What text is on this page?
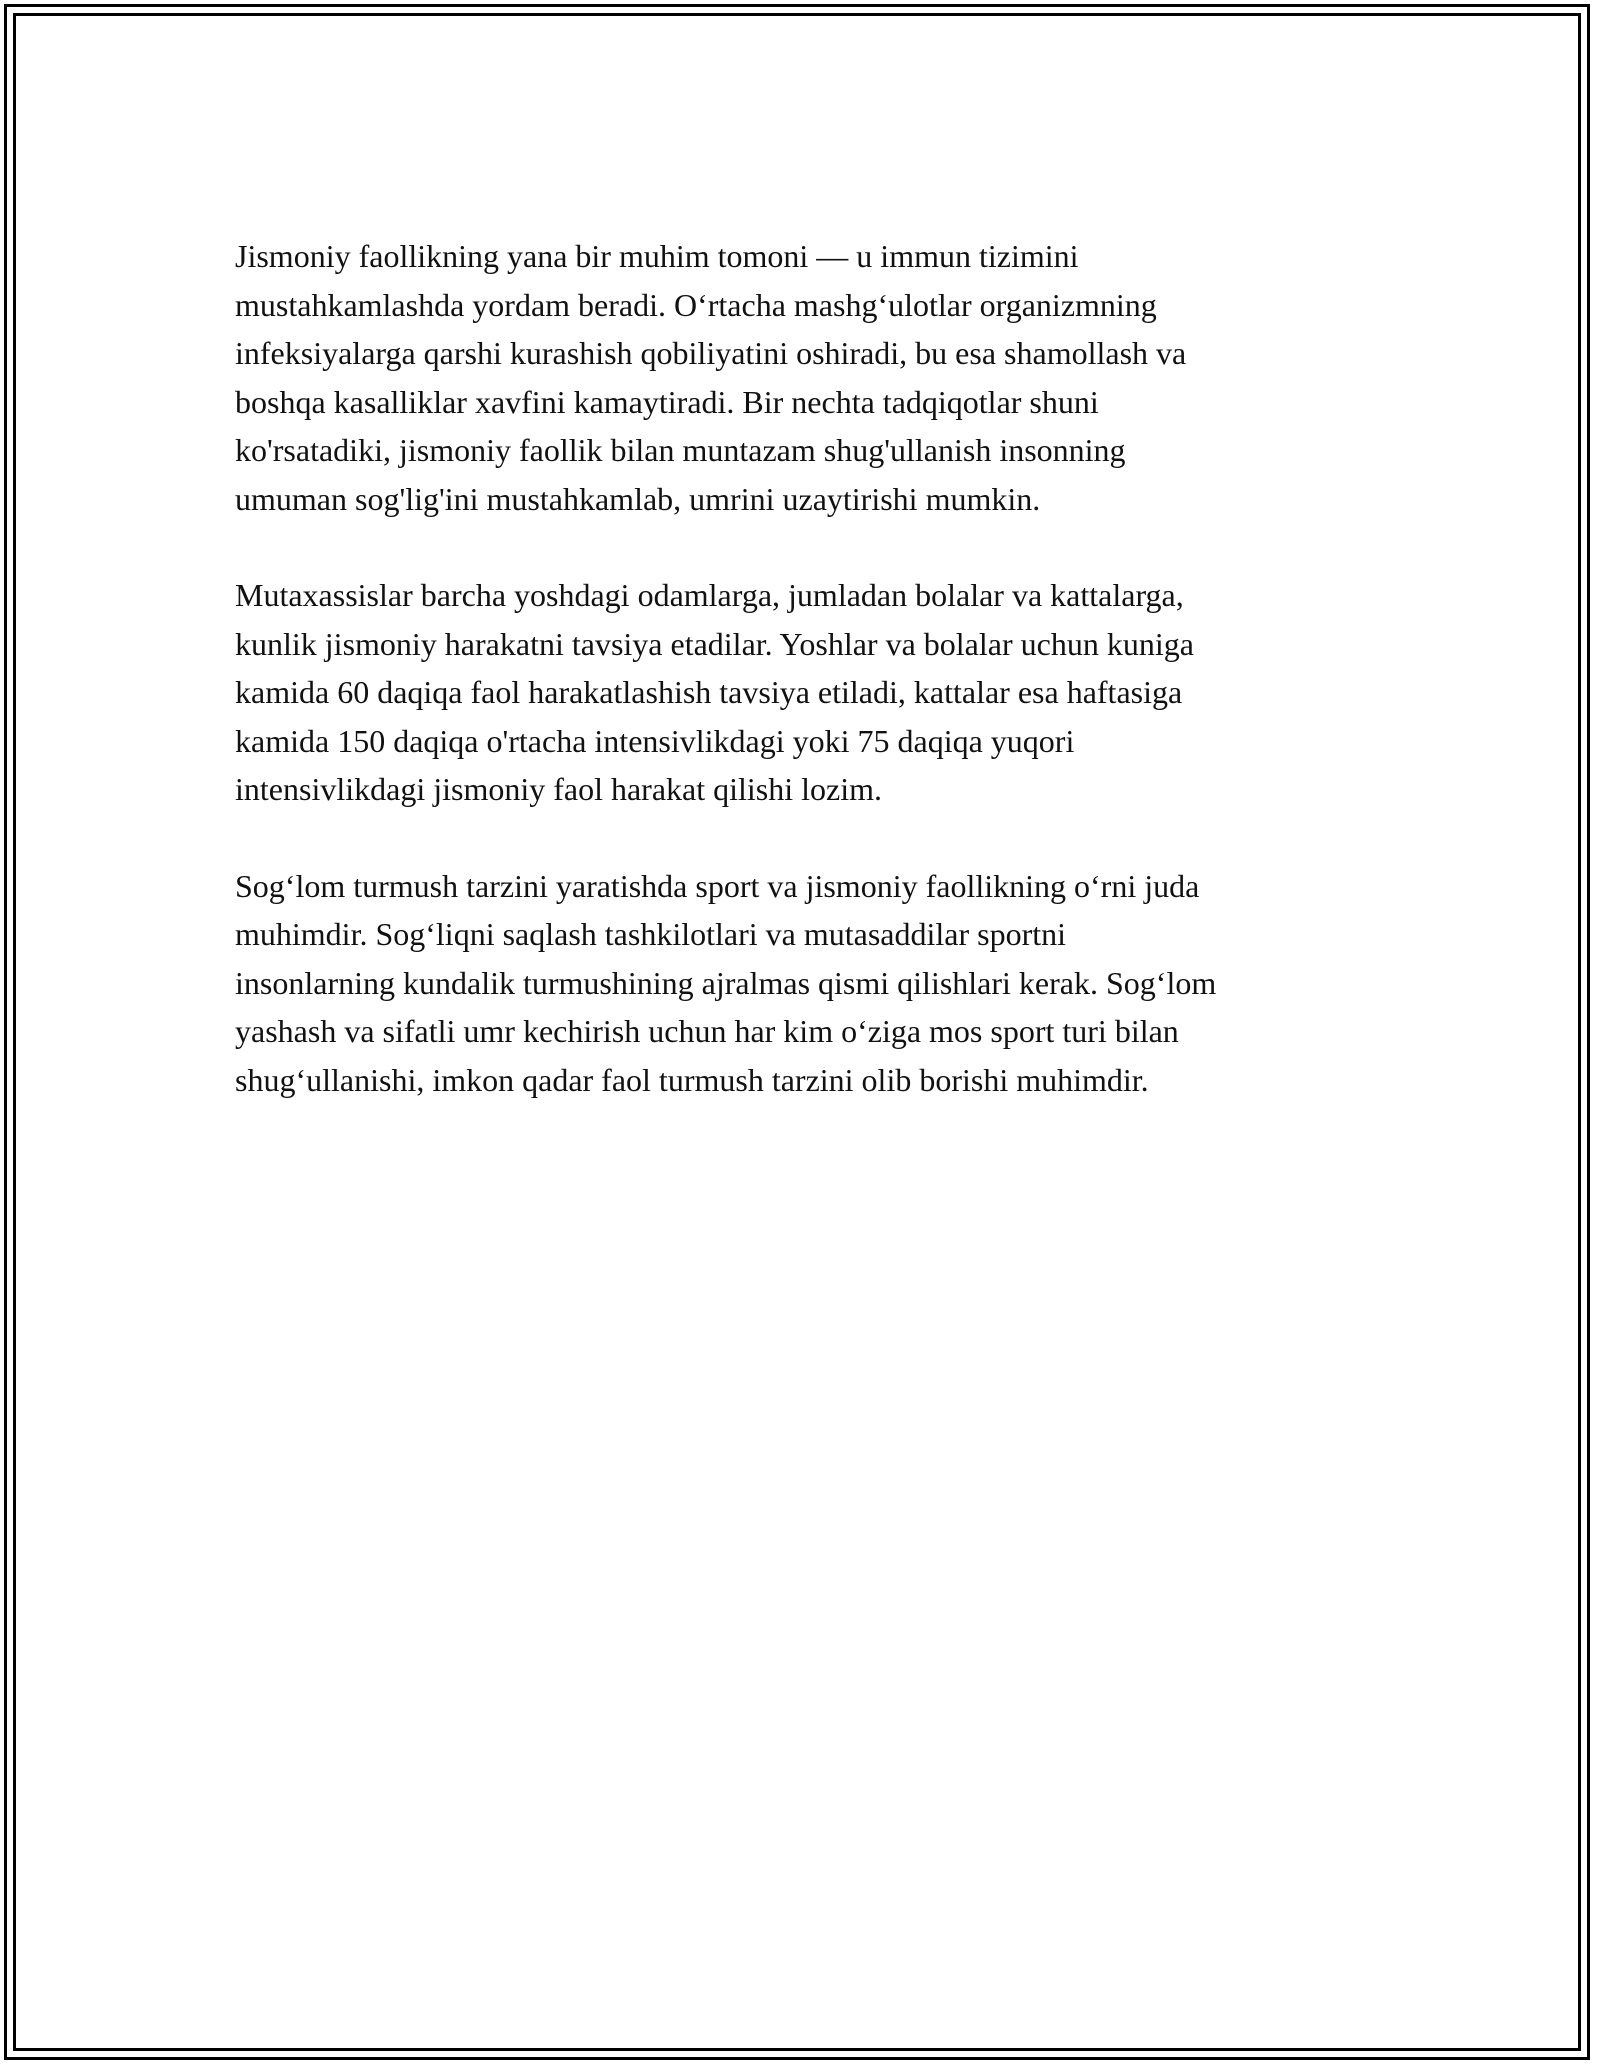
Jismoniy faollikning yana bir muhim tomoni — u immun tizimini
mustahkamlashda yordam beradi. O‘rtacha mashg‘ulotlar organizmning
infeksiyalarga qarshi kurashish qobiliyatini oshiradi, bu esa shamollash va
boshqa kasalliklar xavfini kamaytiradi. Bir nechta tadqiqotlar shuni
ko'rsatadiki, jismoniy faollik bilan muntazam shug'ullanish insonning
umuman sog'lig'ini mustahkamlab, umrini uzaytirishi mumkin.

Mutaxassislar barcha yoshdagi odamlarga, jumladan bolalar va kattalarga,
kunlik jismoniy harakatni tavsiya etadilar. Yoshlar va bolalar uchun kuniga
kamida 60 daqiqa faol harakatlashish tavsiya etiladi, kattalar esa haftasiga
kamida 150 daqiqa o'rtacha intensivlikdagi yoki 75 daqiqa yuqori
intensivlikdagi jismoniy faol harakat qilishi lozim.

Sog‘lom turmush tarzini yaratishda sport va jismoniy faollikning o‘rni juda
muhimdir. Sog‘liqni saqlash tashkilotlari va mutasaddilar sportni
insonlarning kundalik turmushining ajralmas qismi qilishlari kerak. Sog‘lom
yashash va sifatli umr kechirish uchun har kim o‘ziga mos sport turi bilan
shug‘ullanishi, imkon qadar faol turmush tarzini olib borishi muhimdir.
